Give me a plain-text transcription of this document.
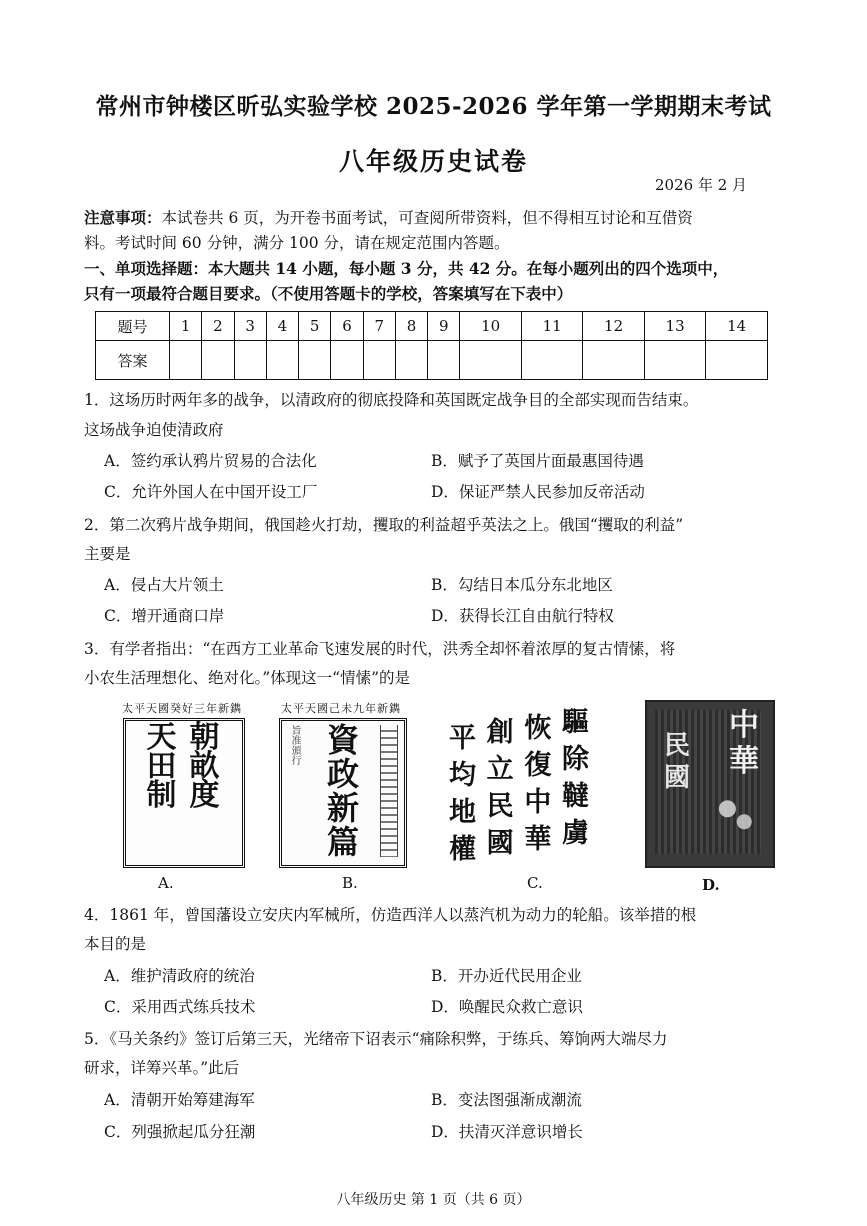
常州市钟楼区昕弘实验学校 2025-2026 学年第一学期期末考试
八年级历史试卷
2026 年 2 月
注意事项：本试卷共 6 页，为开卷书面考试，可查阅所带资料，但不得相互讨论和互借资
料。考试时间 60 分钟，满分 100 分，请在规定范围内答题。
一、单项选择题：本大题共 14 小题，每小题 3 分，共 42 分。在每小题列出的四个选项中，
只有一项最符合题目要求。（不使用答题卡的学校，答案填写在下表中）
题号	1	2	3	4	5	6	7	8	9	10	11	12	13	14
答案														
1．这场历时两年多的战争，以清政府的彻底投降和英国既定战争目的全部实现而告结束。
这场战争迫使清政府
A．签约承认鸦片贸易的合法化	B．赋予了英国片面最惠国待遇
C．允许外国人在中国开设工厂	D．保证严禁人民参加反帝活动
2．第二次鸦片战争期间，俄国趁火打劫，攫取的利益超乎英法之上。俄国“攫取的利益”
主要是
A．侵占大片领土	B．勾结日本瓜分东北地区
C．增开通商口岸	D．获得长江自由航行特权
3．有学者指出：“在西方工业革命飞速发展的时代，洪秀全却怀着浓厚的复古情愫，将
小农生活理想化、绝对化。”体现这一“情愫”的是
太平天國癸好三年新鐫
天 朝
田 畝
制 度
A.
太平天國己未九年新鐫
旨准頒行 資
政
新
篇
B.
驅
除
韃
虜
恢
復
中
華
創
立
民
國
平
均
地
權
C.
中
華
民
國
D.
4．1861 年，曾国藩设立安庆内军械所，仿造西洋人以蒸汽机为动力的轮船。该举措的根
本目的是
A．维护清政府的统治	B．开办近代民用企业
C．采用西式练兵技术	D．唤醒民众救亡意识
5．《马关条约》签订后第三天，光绪帝下诏表示“痛除积弊，于练兵、筹饷两大端尽力
研求，详筹兴革。”此后
A．清朝开始筹建海军	B．变法图强渐成潮流
C．列强掀起瓜分狂潮	D．扶清灭洋意识增长
八年级历史 第 1 页（共 6 页）
